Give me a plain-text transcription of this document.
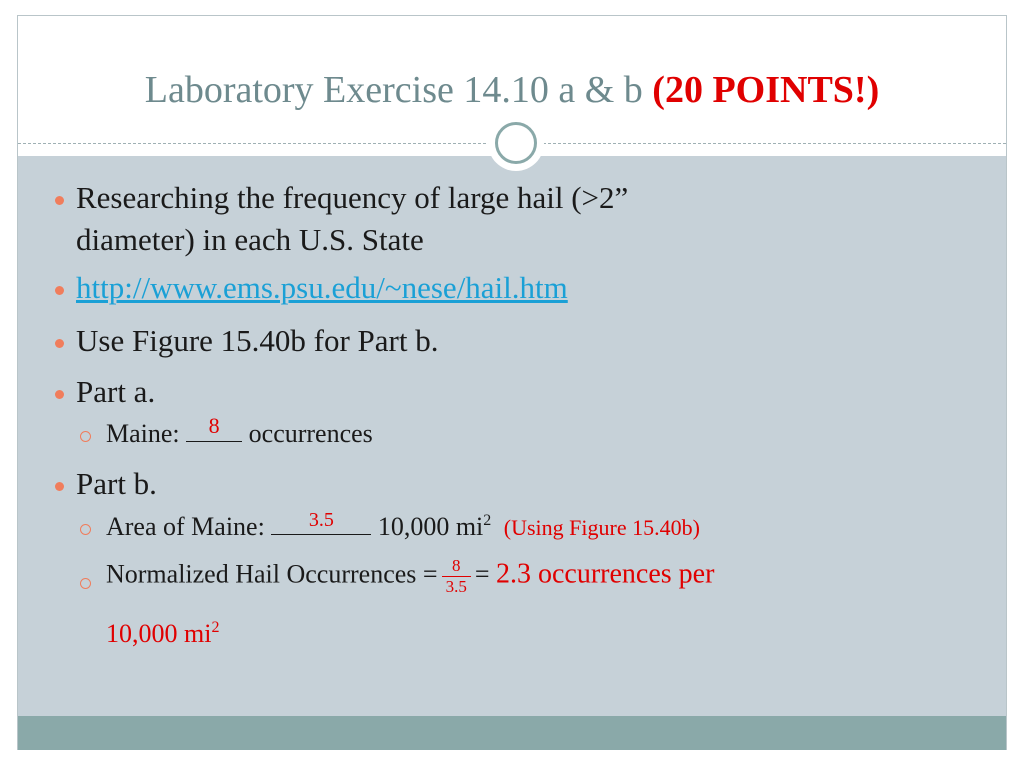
Laboratory Exercise 14.10 a & b (20 POINTS!)
Researching the frequency of large hail (>2”
diameter) in each U.S. State
http://www.ems.psu.edu/~nese/hail.htm
Use Figure 15.40b for Part b.
Part a.
Maine:	8	occurrences
Part b.
Area of Maine:	3.5	10,000 $mi^2$ (Using Figure 15.40b)
Normalized Hail Occurrences = $\frac{8}{3.5} = 2.3$ occurrences per
10,000 $mi^2$
